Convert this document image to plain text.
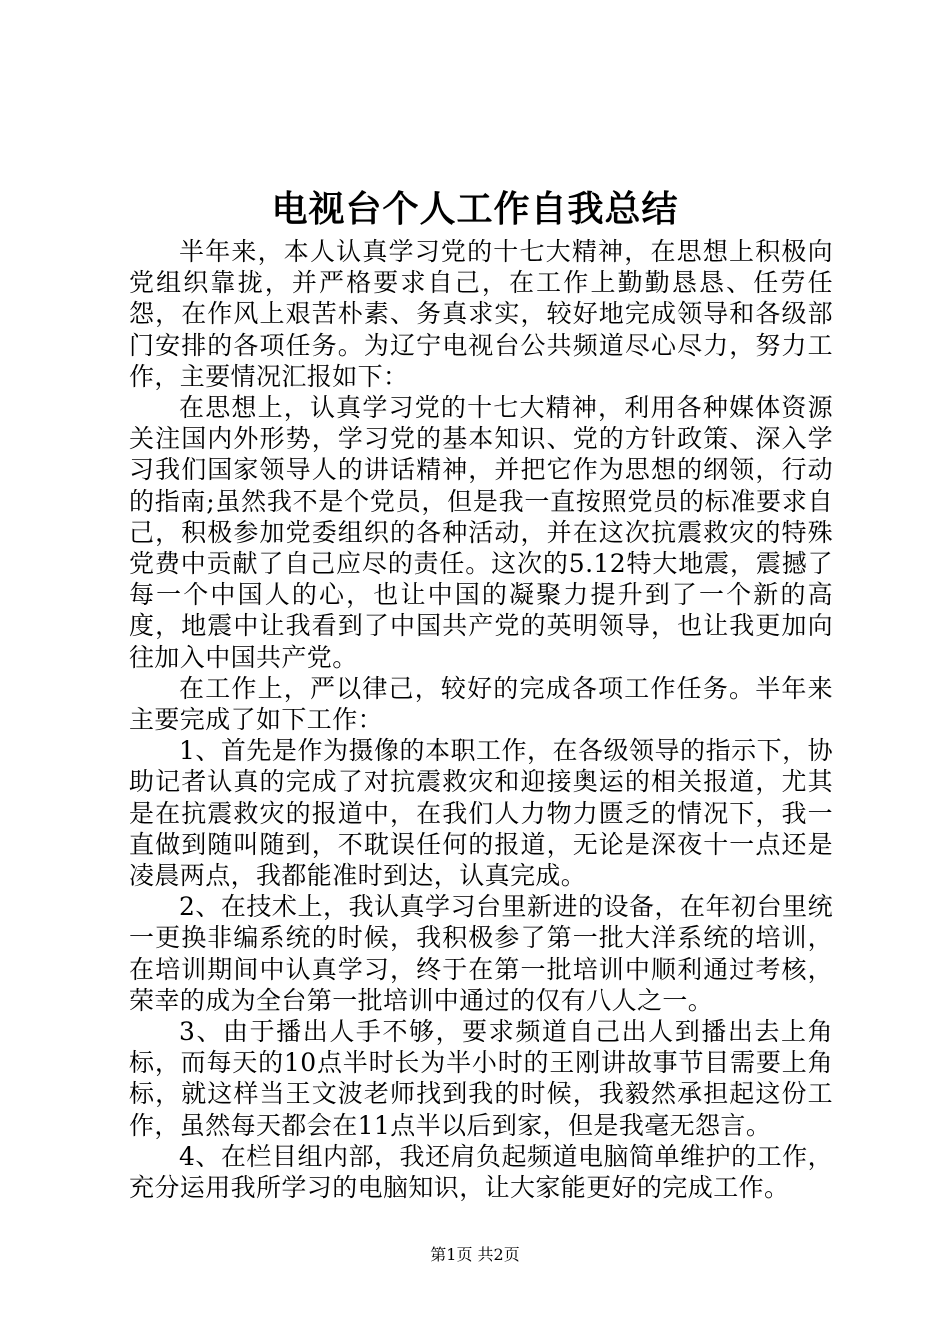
电视台个人工作自我总结

半年来，本人认真学习党的十七大精神，在思想上积极向党组织靠拢，并严格要求自己，在工作上勤勤恳恳、任劳任怨，在作风上艰苦朴素、务真求实，较好地完成领导和各级部门安排的各项任务。为辽宁电视台公共频道尽心尽力，努力工作，主要情况汇报如下：

在思想上，认真学习党的十七大精神，利用各种媒体资源关注国内外形势，学习党的基本知识、党的方针政策、深入学习我们国家领导人的讲话精神，并把它作为思想的纲领，行动的指南;虽然我不是个党员，但是我一直按照党员的标准要求自己，积极参加党委组织的各种活动，并在这次抗震救灾的特殊党费中贡献了自己应尽的责任。这次的5.12特大地震，震撼了每一个中国人的心，也让中国的凝聚力提升到了一个新的高度，地震中让我看到了中国共产党的英明领导，也让我更加向往加入中国共产党。

在工作上，严以律己，较好的完成各项工作任务。半年来主要完成了如下工作：

1、首先是作为摄像的本职工作，在各级领导的指示下，协助记者认真的完成了对抗震救灾和迎接奥运的相关报道，尤其是在抗震救灾的报道中，在我们人力物力匮乏的情况下，我一直做到随叫随到，不耽误任何的报道，无论是深夜十一点还是凌晨两点，我都能准时到达，认真完成。

2、在技术上，我认真学习台里新进的设备，在年初台里统一更换非编系统的时候，我积极参了第一批大洋系统的培训，在培训期间中认真学习，终于在第一批培训中顺利通过考核，荣幸的成为全台第一批培训中通过的仅有八人之一。

3、由于播出人手不够，要求频道自己出人到播出去上角标，而每天的10点半时长为半小时的王刚讲故事节目需要上角标，就这样当王文波老师找到我的时候，我毅然承担起这份工作，虽然每天都会在11点半以后到家，但是我毫无怨言。

4、在栏目组内部，我还肩负起频道电脑简单维护的工作，充分运用我所学习的电脑知识，让大家能更好的完成工作。

第1页 共2页
